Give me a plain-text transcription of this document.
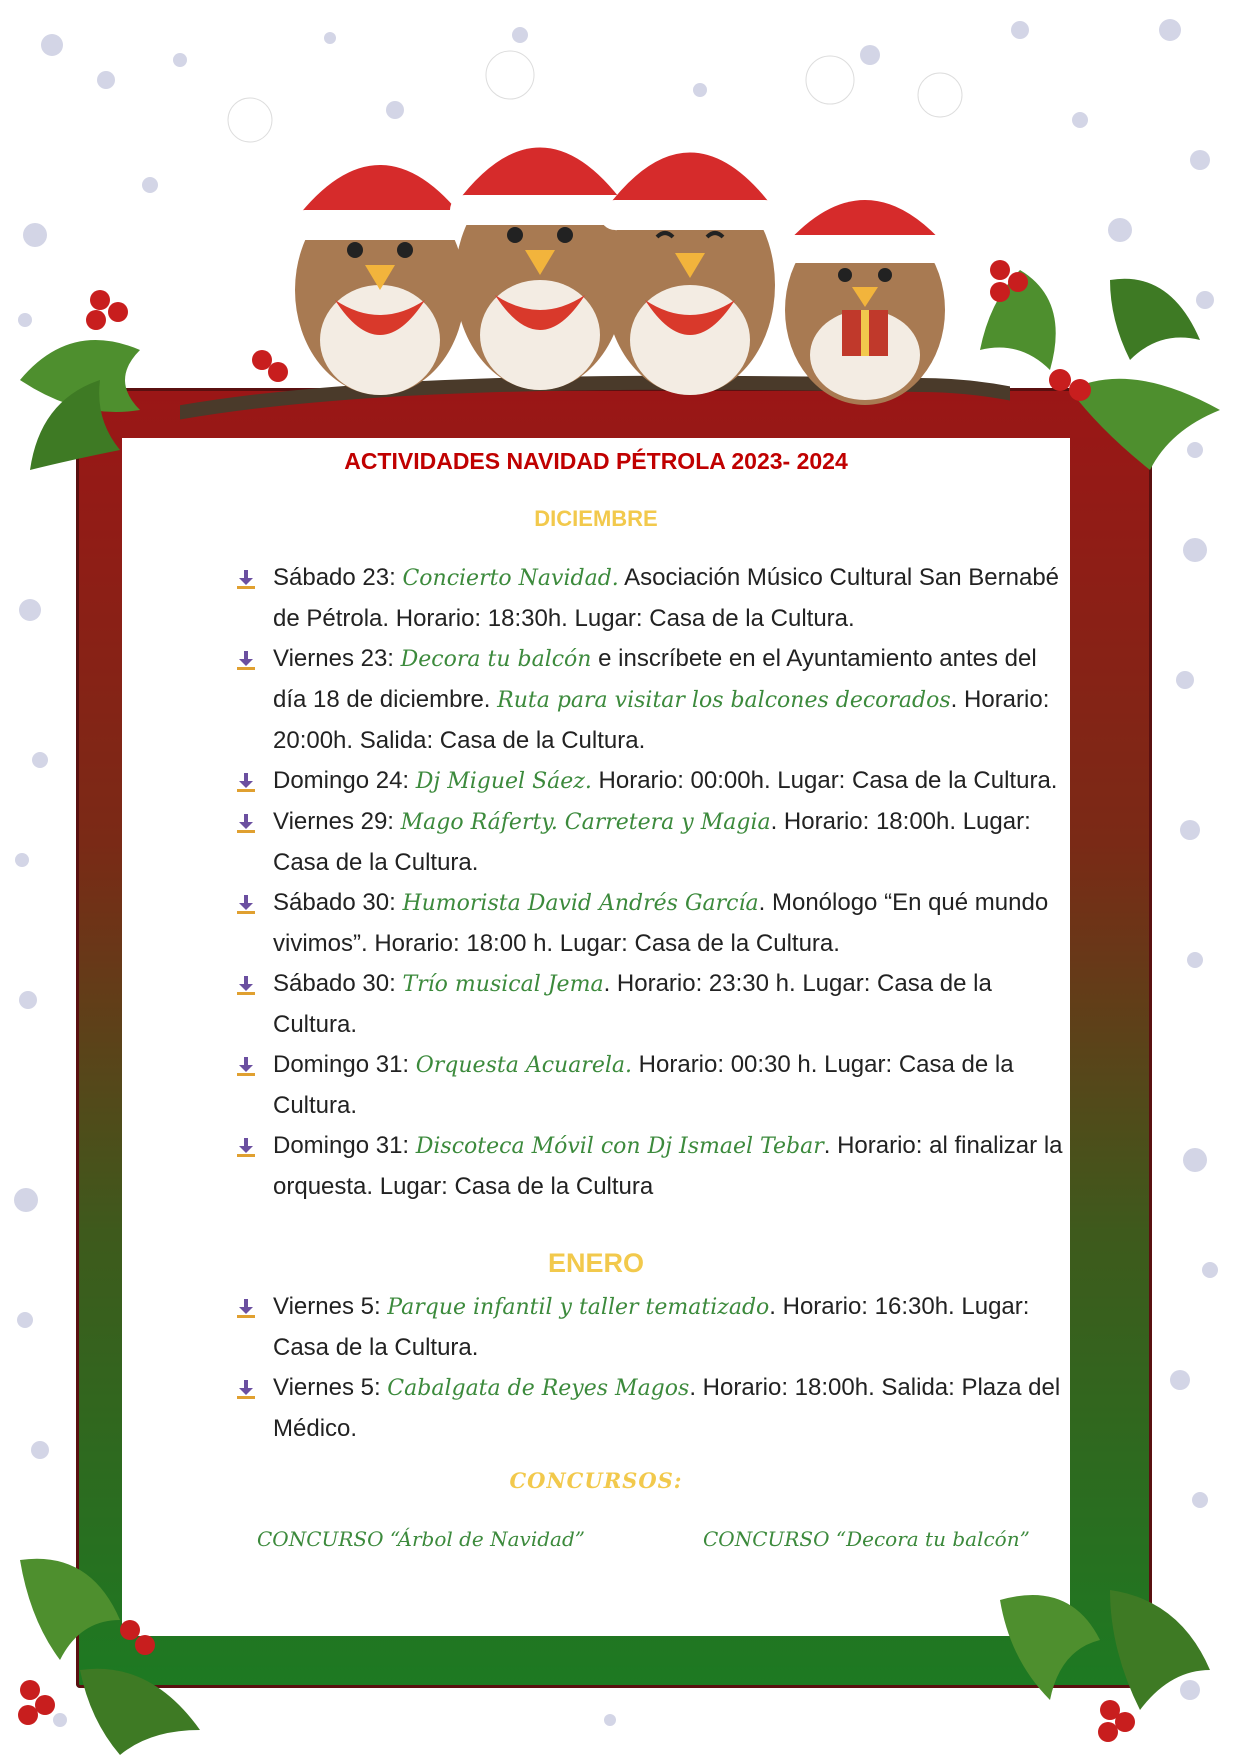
ACTIVIDADES NAVIDAD PÉTROLA 2023- 2024
DICIEMBRE
Sábado 23: Concierto Navidad. Asociación Músico Cultural San Bernabé de Pétrola. Horario: 18:30h. Lugar: Casa de la Cultura.
Viernes 23: Decora tu balcón e inscríbete en el Ayuntamiento antes del día 18 de diciembre. Ruta para visitar los balcones decorados. Horario: 20:00h. Salida: Casa de la Cultura.
Domingo 24: Dj Miguel Sáez. Horario: 00:00h. Lugar: Casa de la Cultura.
Viernes 29: Mago Ráferty. Carretera y Magia. Horario: 18:00h. Lugar: Casa de la Cultura.
Sábado 30: Humorista David Andrés García. Monólogo “En qué mundo vivimos”. Horario: 18:00 h. Lugar: Casa de la Cultura.
Sábado 30: Trío musical Jema. Horario: 23:30 h. Lugar: Casa de la Cultura.
Domingo 31: Orquesta Acuarela. Horario: 00:30 h. Lugar: Casa de la Cultura.
Domingo 31: Discoteca Móvil con Dj Ismael Tebar. Horario: al finalizar la orquesta. Lugar: Casa de la Cultura
ENERO
Viernes 5: Parque infantil y taller tematizado. Horario: 16:30h. Lugar: Casa de la Cultura.
Viernes 5: Cabalgata de Reyes Magos. Horario: 18:00h. Salida: Plaza del Médico.
CONCURSOS:
CONCURSO “Árbol de Navidad”	CONCURSO “Decora tu balcón”
